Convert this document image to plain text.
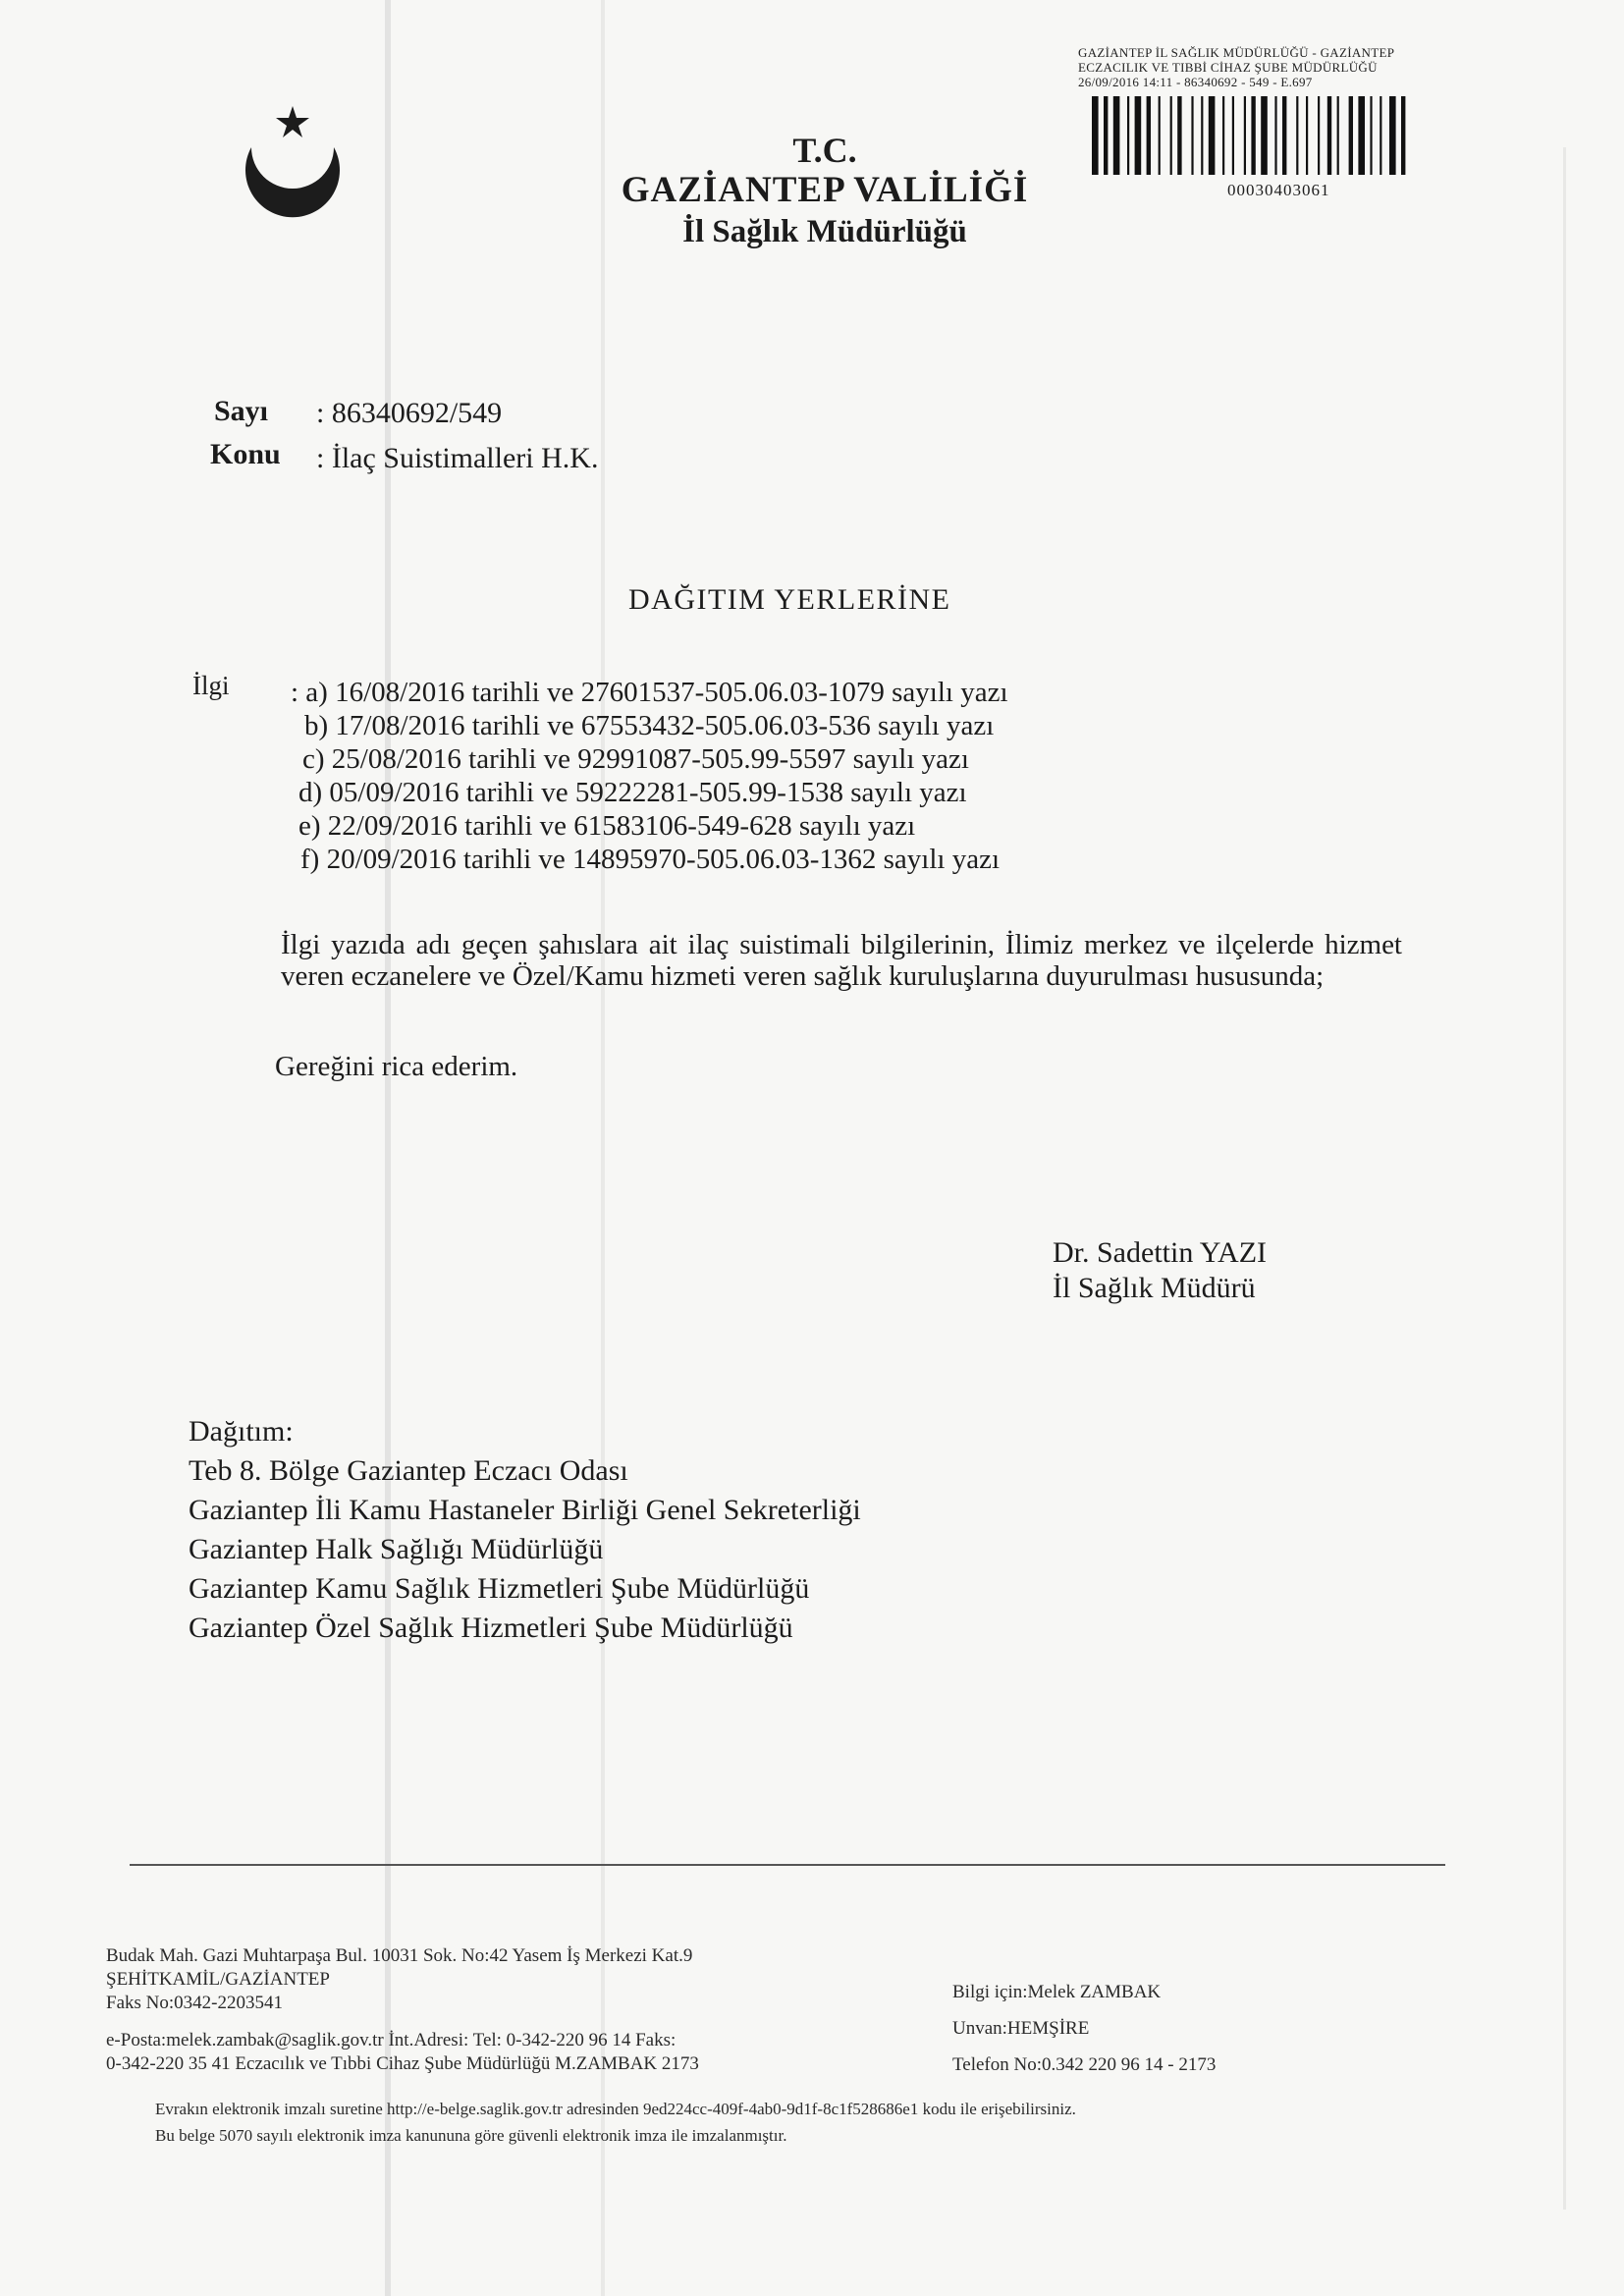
T.C.
GAZİANTEP VALİLİĞİ
İl Sağlık Müdürlüğü
GAZİANTEP İL SAĞLIK MÜDÜRLÜĞÜ - GAZİANTEP
ECZACILIK VE TIBBİ CİHAZ ŞUBE MÜDÜRLÜĞÜ
26/09/2016 14:11 - 86340692 - 549 - E.697
00030403061
Sayı : 86340692/549
Konu : İlaç Suistimalleri H.K.
DAĞITIM YERLERİNE
İlgi : a) 16/08/2016 tarihli ve 27601537-505.06.03-1079 sayılı yazı
b) 17/08/2016 tarihli ve 67553432-505.06.03-536 sayılı yazı
c) 25/08/2016 tarihli ve 92991087-505.99-5597 sayılı yazı
d) 05/09/2016 tarihli ve 59222281-505.99-1538 sayılı yazı
e) 22/09/2016 tarihli ve 61583106-549-628 sayılı yazı
f) 20/09/2016 tarihli ve 14895970-505.06.03-1362 sayılı yazı
İlgi yazıda adı geçen şahıslara ait ilaç suistimali bilgilerinin, İlimiz merkez ve ilçelerde hizmet veren eczanelere ve Özel/Kamu hizmeti veren sağlık kuruluşlarına duyurulması hususunda;
Gereğini rica ederim.
Dr. Sadettin YAZI
İl Sağlık Müdürü
Dağıtım:
Teb 8. Bölge Gaziantep Eczacı Odası
Gaziantep İli Kamu Hastaneler Birliği Genel Sekreterliği
Gaziantep Halk Sağlığı Müdürlüğü
Gaziantep Kamu Sağlık Hizmetleri Şube Müdürlüğü
Gaziantep Özel Sağlık Hizmetleri Şube Müdürlüğü
Budak Mah. Gazi Muhtarpaşa Bul. 10031 Sok. No:42 Yasem İş Merkezi Kat.9
ŞEHİTKAMİL/GAZİANTEP
Faks No:0342-2203541
e-Posta:melek.zambak@saglik.gov.tr İnt.Adresi: Tel: 0-342-220 96 14 Faks:
0-342-220 35 41 Eczacılık ve Tıbbi Cihaz Şube Müdürlüğü M.ZAMBAK 2173
Bilgi için:Melek ZAMBAK
Unvan:HEMŞİRE
Telefon No:0.342 220 96 14 - 2173
Evrakın elektronik imzalı suretine http://e-belge.saglik.gov.tr adresinden 9ed224cc-409f-4ab0-9d1f-8c1f528686e1 kodu ile erişebilirsiniz.
Bu belge 5070 sayılı elektronik imza kanununa göre güvenli elektronik imza ile imzalanmıştır.
